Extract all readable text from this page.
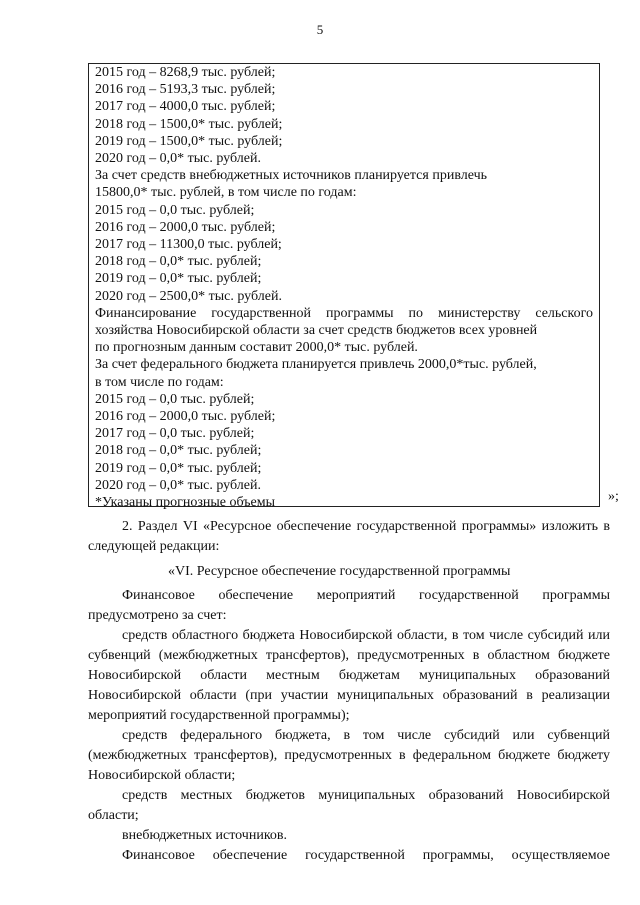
5
2015 год – 8268,9 тыс. рублей;
2016 год – 5193,3 тыс. рублей;
2017 год – 4000,0 тыс. рублей;
2018 год – 1500,0* тыс. рублей;
2019 год – 1500,0* тыс. рублей;
2020 год – 0,0* тыс. рублей.
За счет средств внебюджетных источников планируется привлечь
15800,0* тыс. рублей, в том числе по годам:
2015 год – 0,0 тыс. рублей;
2016 год – 2000,0 тыс. рублей;
2017 год – 11300,0 тыс. рублей;
2018 год – 0,0* тыс. рублей;
2019 год – 0,0* тыс. рублей;
2020 год – 2500,0* тыс. рублей.
Финансирование государственной программы по министерству сельского
хозяйства Новосибирской области за счет средств бюджетов всех уровней
по прогнозным данным составит 2000,0* тыс. рублей.
За счет федерального бюджета планируется привлечь 2000,0*тыс. рублей,
в том числе по годам:
2015 год – 0,0 тыс. рублей;
2016 год – 2000,0 тыс. рублей;
2017 год – 0,0 тыс. рублей;
2018 год – 0,0* тыс. рублей;
2019 год – 0,0* тыс. рублей;
2020 год – 0,0* тыс. рублей.
*Указаны прогнозные объемы	»;
2. Раздел VI «Ресурсное обеспечение государственной программы» изложить в следующей редакции:
«VI. Ресурсное обеспечение государственной программы
Финансовое обеспечение мероприятий государственной программы предусмотрено за счет:
средств областного бюджета Новосибирской области, в том числе субсидий или субвенций (межбюджетных трансфертов), предусмотренных в областном бюджете Новосибирской области местным бюджетам муниципальных образований Новосибирской области (при участии муниципальных образований в реализации мероприятий государственной программы);
средств федерального бюджета, в том числе субсидий или субвенций (межбюджетных трансфертов), предусмотренных в федеральном бюджете бюджету Новосибирской области;
средств местных бюджетов муниципальных образований Новосибирской области;
внебюджетных источников.
Финансовое обеспечение государственной программы, осуществляемое
